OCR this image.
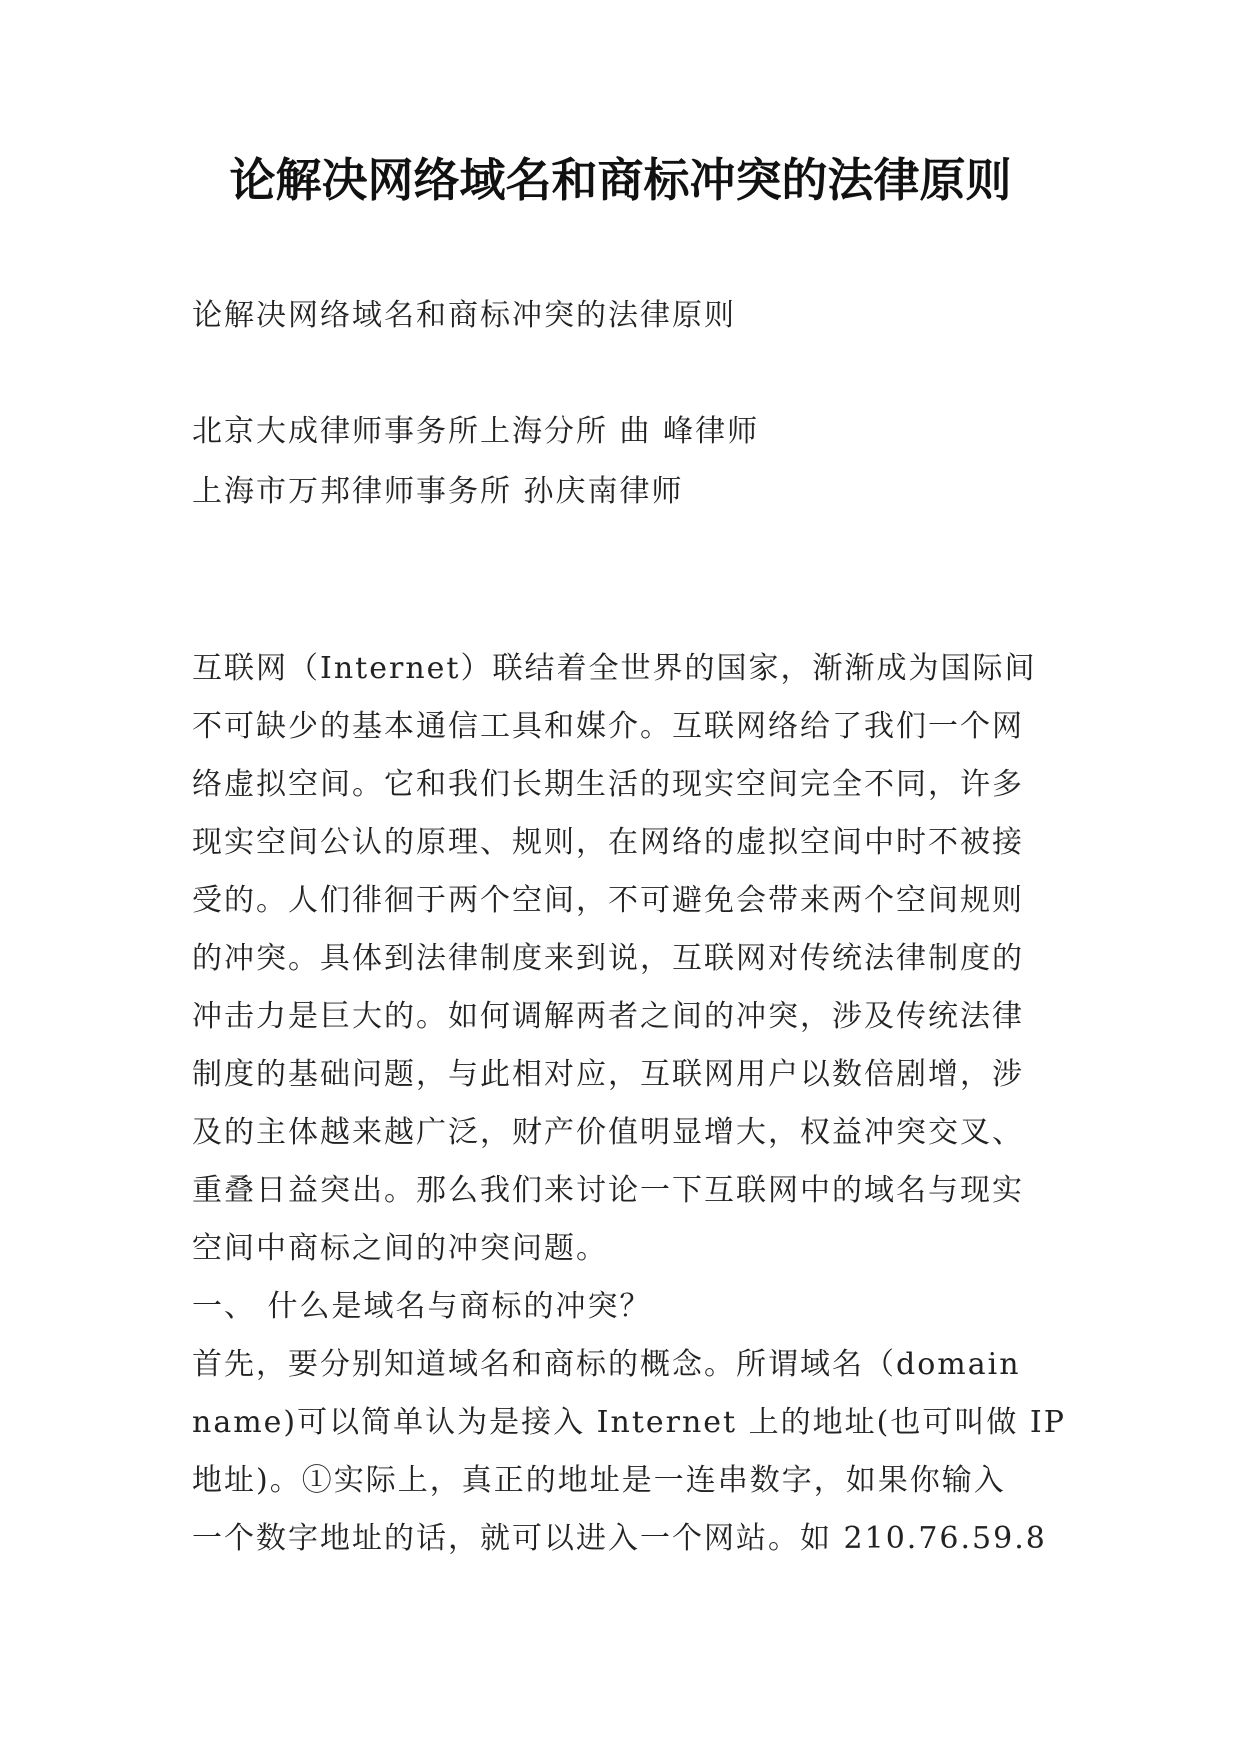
论解决网络域名和商标冲突的法律原则

论解决网络域名和商标冲突的法律原则

北京大成律师事务所上海分所 曲 峰律师

上海市万邦律师事务所 孙庆南律师

互联网（Internet）联结着全世界的国家，渐渐成为国际间
不可缺少的基本通信工具和媒介。互联网络给了我们一个网
络虚拟空间。它和我们长期生活的现实空间完全不同，许多
现实空间公认的原理、规则，在网络的虚拟空间中时不被接
受的。人们徘徊于两个空间，不可避免会带来两个空间规则
的冲突。具体到法律制度来到说，互联网对传统法律制度的
冲击力是巨大的。如何调解两者之间的冲突，涉及传统法律
制度的基础问题，与此相对应，互联网用户以数倍剧增，涉
及的主体越来越广泛，财产价值明显增大，权益冲突交叉、
重叠日益突出。那么我们来讨论一下互联网中的域名与现实
空间中商标之间的冲突问题。
一、 什么是域名与商标的冲突？
首先，要分别知道域名和商标的概念。所谓域名（domain
name)可以简单认为是接入 Internet 上的地址(也可叫做 IP
地址)。①实际上，真正的地址是一连串数字，如果你输入
一个数字地址的话，就可以进入一个网站。如 210.76.59.8
